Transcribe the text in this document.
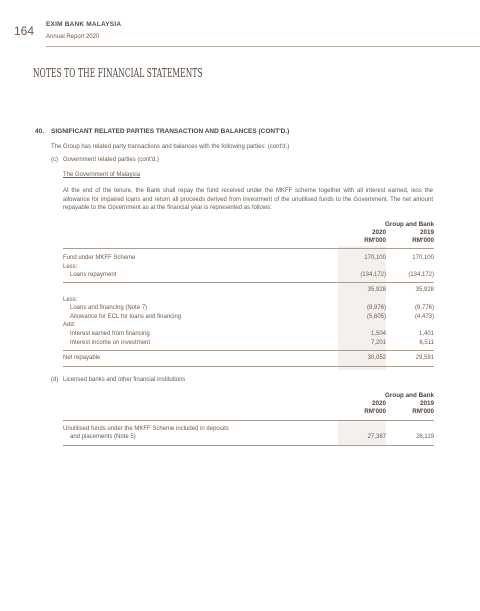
164 EXIM BANK MALAYSIA
Annual Report 2020
NOTES TO THE FINANCIAL STATEMENTS
40. SIGNIFICANT RELATED PARTIES TRANSACTION AND BALANCES (CONT'D.)
The Group has related party transactions and balances with the following parties: (cont'd.)
(c) Government related parties (cont'd.)
The Government of Malaysia
At the end of the tenure, the Bank shall repay the fund received under the MKFF scheme together with all interest earned, less the allowance for impaired loans and return all proceeds derived from investment of the unutilised funds to the Government. The net amount repayable to the Government as at the financial year is represented as follows:
Group and Bank
2020	2019
RM'000	RM'000
Fund under MKFF Scheme	170,100	170,100
Less:
Loans repayment	(134,172)	(134,172)
35,928	35,928
Less:
Loans and financing (Note 7)	(8,976)	(9,776)
Allowance for ECL for loans and financing	(5,605)	(4,473)
Add:
Interest earned from financing	1,504	1,401
Interest income on investment	7,201	6,511
Net repayable	30,052	29,591
(d) Licensed banks and other financial institutions
Group and Bank
2020	2019
RM'000	RM'000
Unutilised funds under the MKFF Scheme included in deposits
and placements (Note 5)	27,387	26,119
